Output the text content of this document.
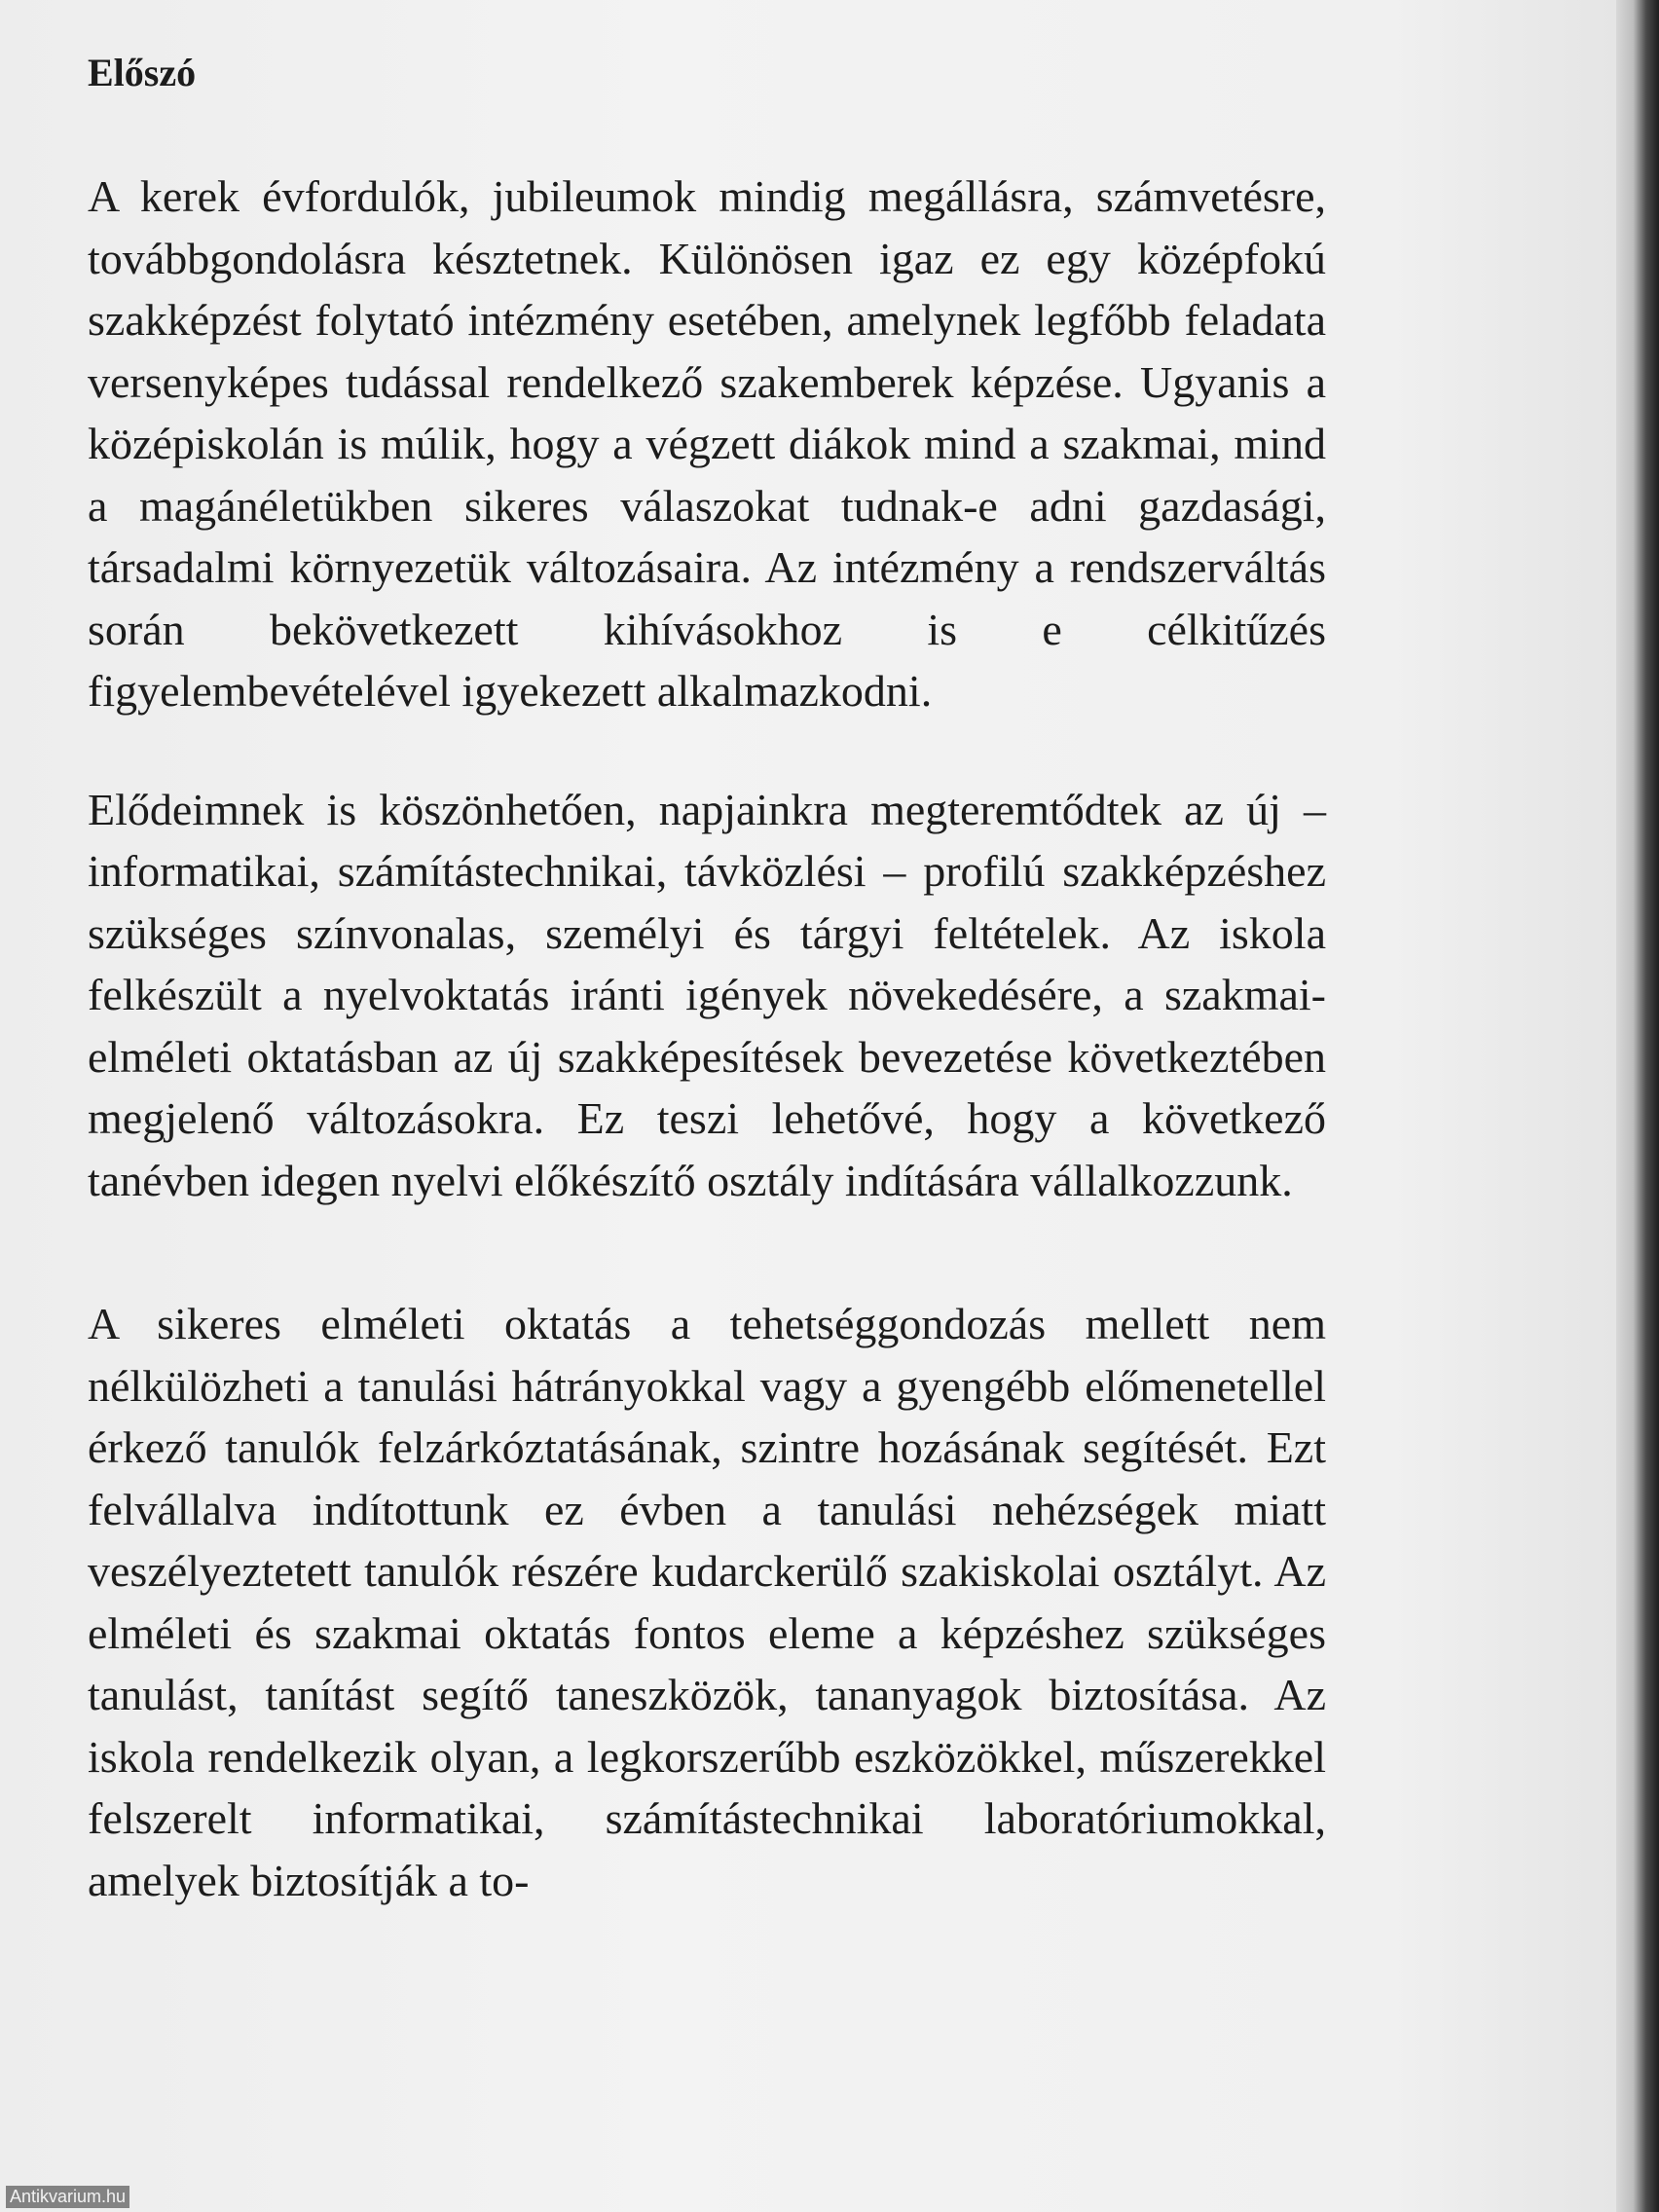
Előszó

A kerek évfordulók, jubileumok mindig megállásra, számvetésre, továbbgondolásra késztetnek. Különösen igaz ez egy középfokú szakképzést folytató intézmény esetében, amelynek legfőbb feladata versenyképes tudással rendelkező szakemberek képzése. Ugyanis a középiskolán is múlik, hogy a végzett diákok mind a szakmai, mind a magánéletükben sikeres válaszokat tudnak-e adni gazdasági, társadalmi környezetük változásaira. Az intézmény a rendszerváltás során bekövetkezett kihívásokhoz is e célkitűzés figyelembevételével igyekezett alkalmazkodni.

Elődeimnek is köszönhetően, napjainkra megteremtődtek az új – informatikai, számítástechnikai, távközlési – profilú szakképzéshez szükséges színvonalas, személyi és tárgyi feltételek. Az iskola felkészült a nyelvoktatás iránti igények növekedésére, a szakmai-elméleti oktatásban az új szakképesítések bevezetése következtében megjelenő változásokra. Ez teszi lehetővé, hogy a következő tanévben idegen nyelvi előkészítő osztály indítására vállalkozzunk.

A sikeres elméleti oktatás a tehetséggondozás mellett nem nélkülözheti a tanulási hátrányokkal vagy a gyengébb előmenetellel érkező tanulók felzárkóztatásának, szintre hozásának segítését. Ezt felvállalva indítottunk ez évben a tanulási nehézségek miatt veszélyeztetett tanulók részére kudarckerülő szakiskolai osztályt. Az elméleti és szakmai oktatás fontos eleme a képzéshez szükséges tanulást, tanítást segítő taneszközök, tananyagok biztosítása. Az iskola rendelkezik olyan, a legkorszerűbb eszközökkel, műszerekkel felszerelt informatikai, számítástechnikai laboratóriumokkal, amelyek biztosítják a to-

Antikvarium.hu
